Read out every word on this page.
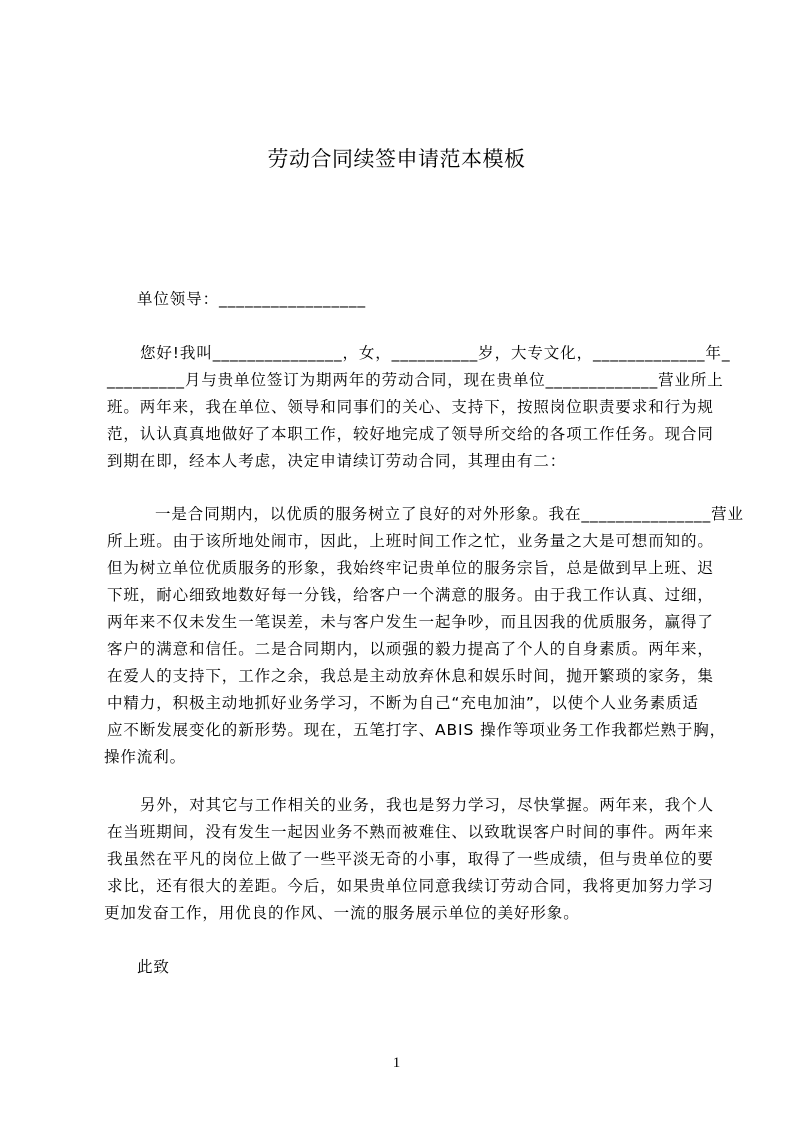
劳动合同续签申请范本模板
单位领导：_________________
您好!我叫_______________，女，__________岁，大专文化，_____________年_
_________月与贵单位签订为期两年的劳动合同，现在贵单位_____________营业所上
班。两年来，我在单位、领导和同事们的关心、支持下，按照岗位职责要求和行为规
范，认认真真地做好了本职工作，较好地完成了领导所交给的各项工作任务。现合同
到期在即，经本人考虑，决定申请续订劳动合同，其理由有二：
一是合同期内，以优质的服务树立了良好的对外形象。我在_______________营业
所上班。由于该所地处闹市，因此，上班时间工作之忙，业务量之大是可想而知的。
但为树立单位优质服务的形象，我始终牢记贵单位的服务宗旨，总是做到早上班、迟
下班，耐心细致地数好每一分钱，给客户一个满意的服务。由于我工作认真、过细，
两年来不仅未发生一笔误差，未与客户发生一起争吵，而且因我的优质服务，赢得了
客户的满意和信任。二是合同期内，以顽强的毅力提高了个人的自身素质。两年来，
在爱人的支持下，工作之余，我总是主动放弃休息和娱乐时间，抛开繁琐的家务，集
中精力，积极主动地抓好业务学习，不断为自己“充电加油”，以使个人业务素质适
应不断发展变化的新形势。现在，五笔打字、ABIS 操作等项业务工作我都烂熟于胸，
操作流利。
另外，对其它与工作相关的业务，我也是努力学习，尽快掌握。两年来，我个人
在当班期间，没有发生一起因业务不熟而被难住、以致耽误客户时间的事件。两年来
我虽然在平凡的岗位上做了一些平淡无奇的小事，取得了一些成绩，但与贵单位的要
求比，还有很大的差距。今后，如果贵单位同意我续订劳动合同，我将更加努力学习
更加发奋工作，用优良的作风、一流的服务展示单位的美好形象。
此致
1
